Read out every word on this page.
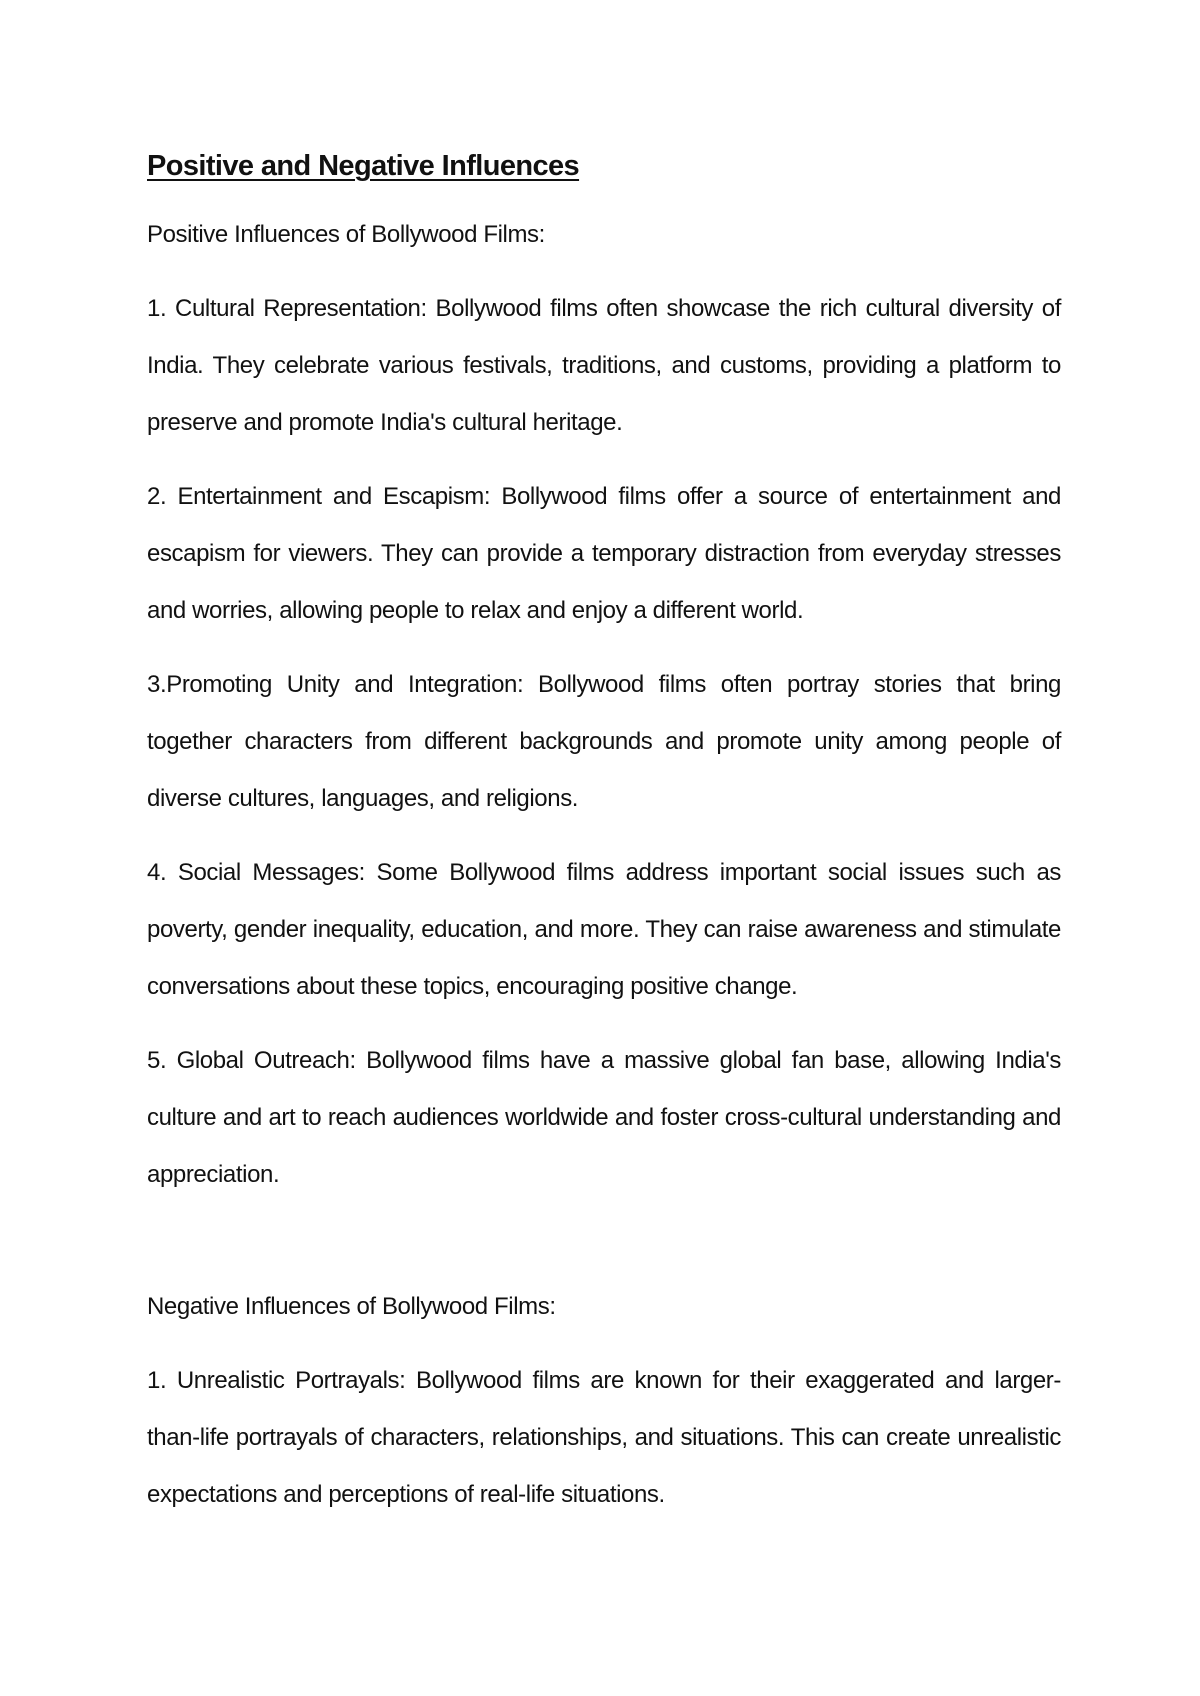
Positive and Negative Influences

Positive Influences of Bollywood Films:

1. Cultural Representation: Bollywood films often showcase the rich cultural diversity of India. They celebrate various festivals, traditions, and customs, providing a platform to preserve and promote India's cultural heritage.

2. Entertainment and Escapism: Bollywood films offer a source of entertainment and escapism for viewers. They can provide a temporary distraction from everyday stresses and worries, allowing people to relax and enjoy a different world.

3.Promoting Unity and Integration: Bollywood films often portray stories that bring together characters from different backgrounds and promote unity among people of diverse cultures, languages, and religions.

4. Social Messages: Some Bollywood films address important social issues such as poverty, gender inequality, education, and more. They can raise awareness and stimulate conversations about these topics, encouraging positive change.

5. Global Outreach: Bollywood films have a massive global fan base, allowing India's culture and art to reach audiences worldwide and foster cross-cultural understanding and appreciation.

Negative Influences of Bollywood Films:

1. Unrealistic Portrayals: Bollywood films are known for their exaggerated and larger-than-life portrayals of characters, relationships, and situations. This can create unrealistic expectations and perceptions of real-life situations.
